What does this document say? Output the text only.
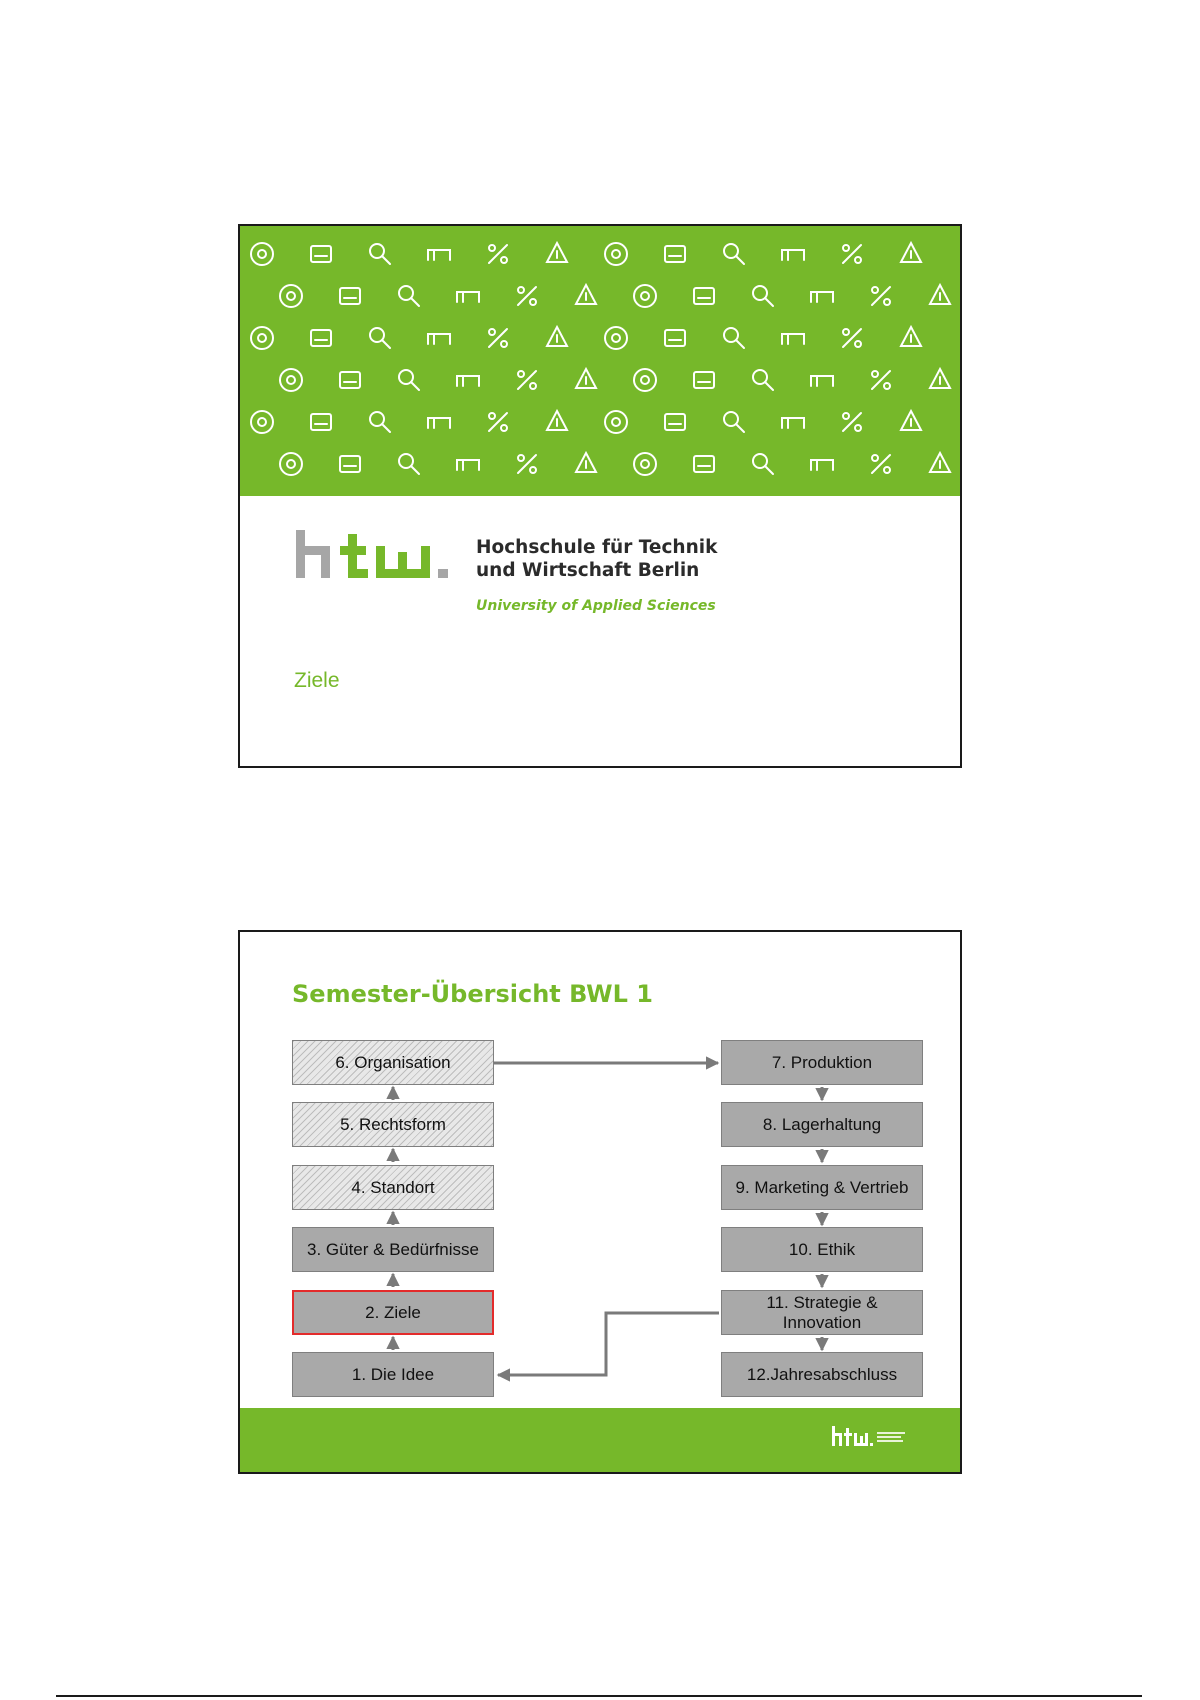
Hochschule für Technik
und Wirtschaft Berlin
University of Applied Sciences
Ziele
Semester-Übersicht BWL 1
6. Organisation
5. Rechtsform
4. Standort
3. Güter & Bedürfnisse
2. Ziele
1. Die Idee
7. Produktion
8. Lagerhaltung
9. Marketing & Vertrieb
10. Ethik
11. Strategie & Innovation
12.Jahresabschluss
